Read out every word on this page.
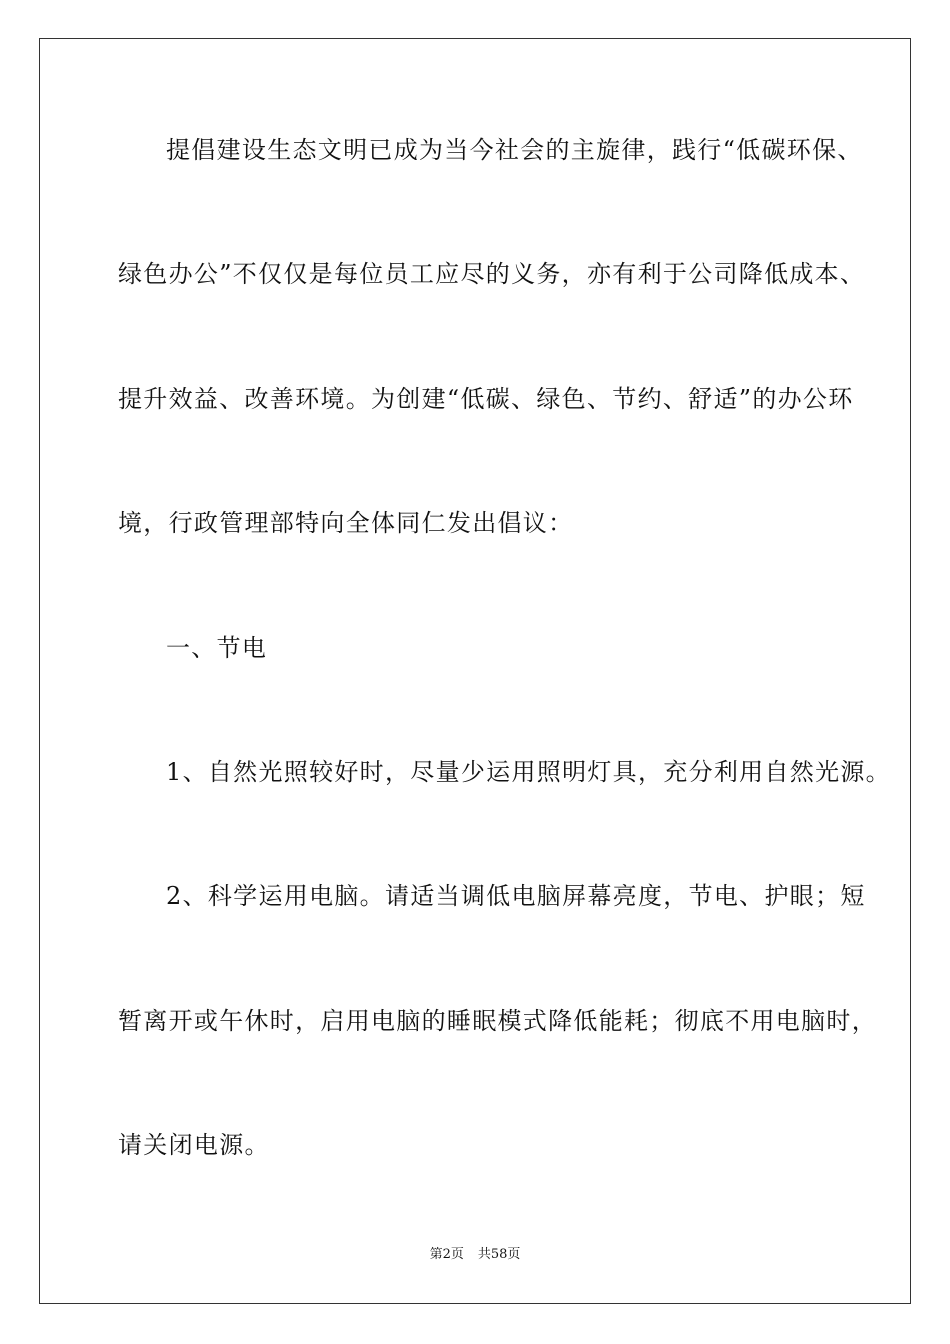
提倡建设生态文明已成为当今社会的主旋律，践行“低碳环保、
绿色办公”不仅仅是每位员工应尽的义务，亦有利于公司降低成本、
提升效益、改善环境。为创建“低碳、绿色、节约、舒适”的办公环
境，行政管理部特向全体同仁发出倡议：
一、节电
1、自然光照较好时，尽量少运用照明灯具，充分利用自然光源。
2、科学运用电脑。请适当调低电脑屏幕亮度，节电、护眼；短
暂离开或午休时，启用电脑的睡眠模式降低能耗；彻底不用电脑时，
请关闭电源。
第2页 共58页
